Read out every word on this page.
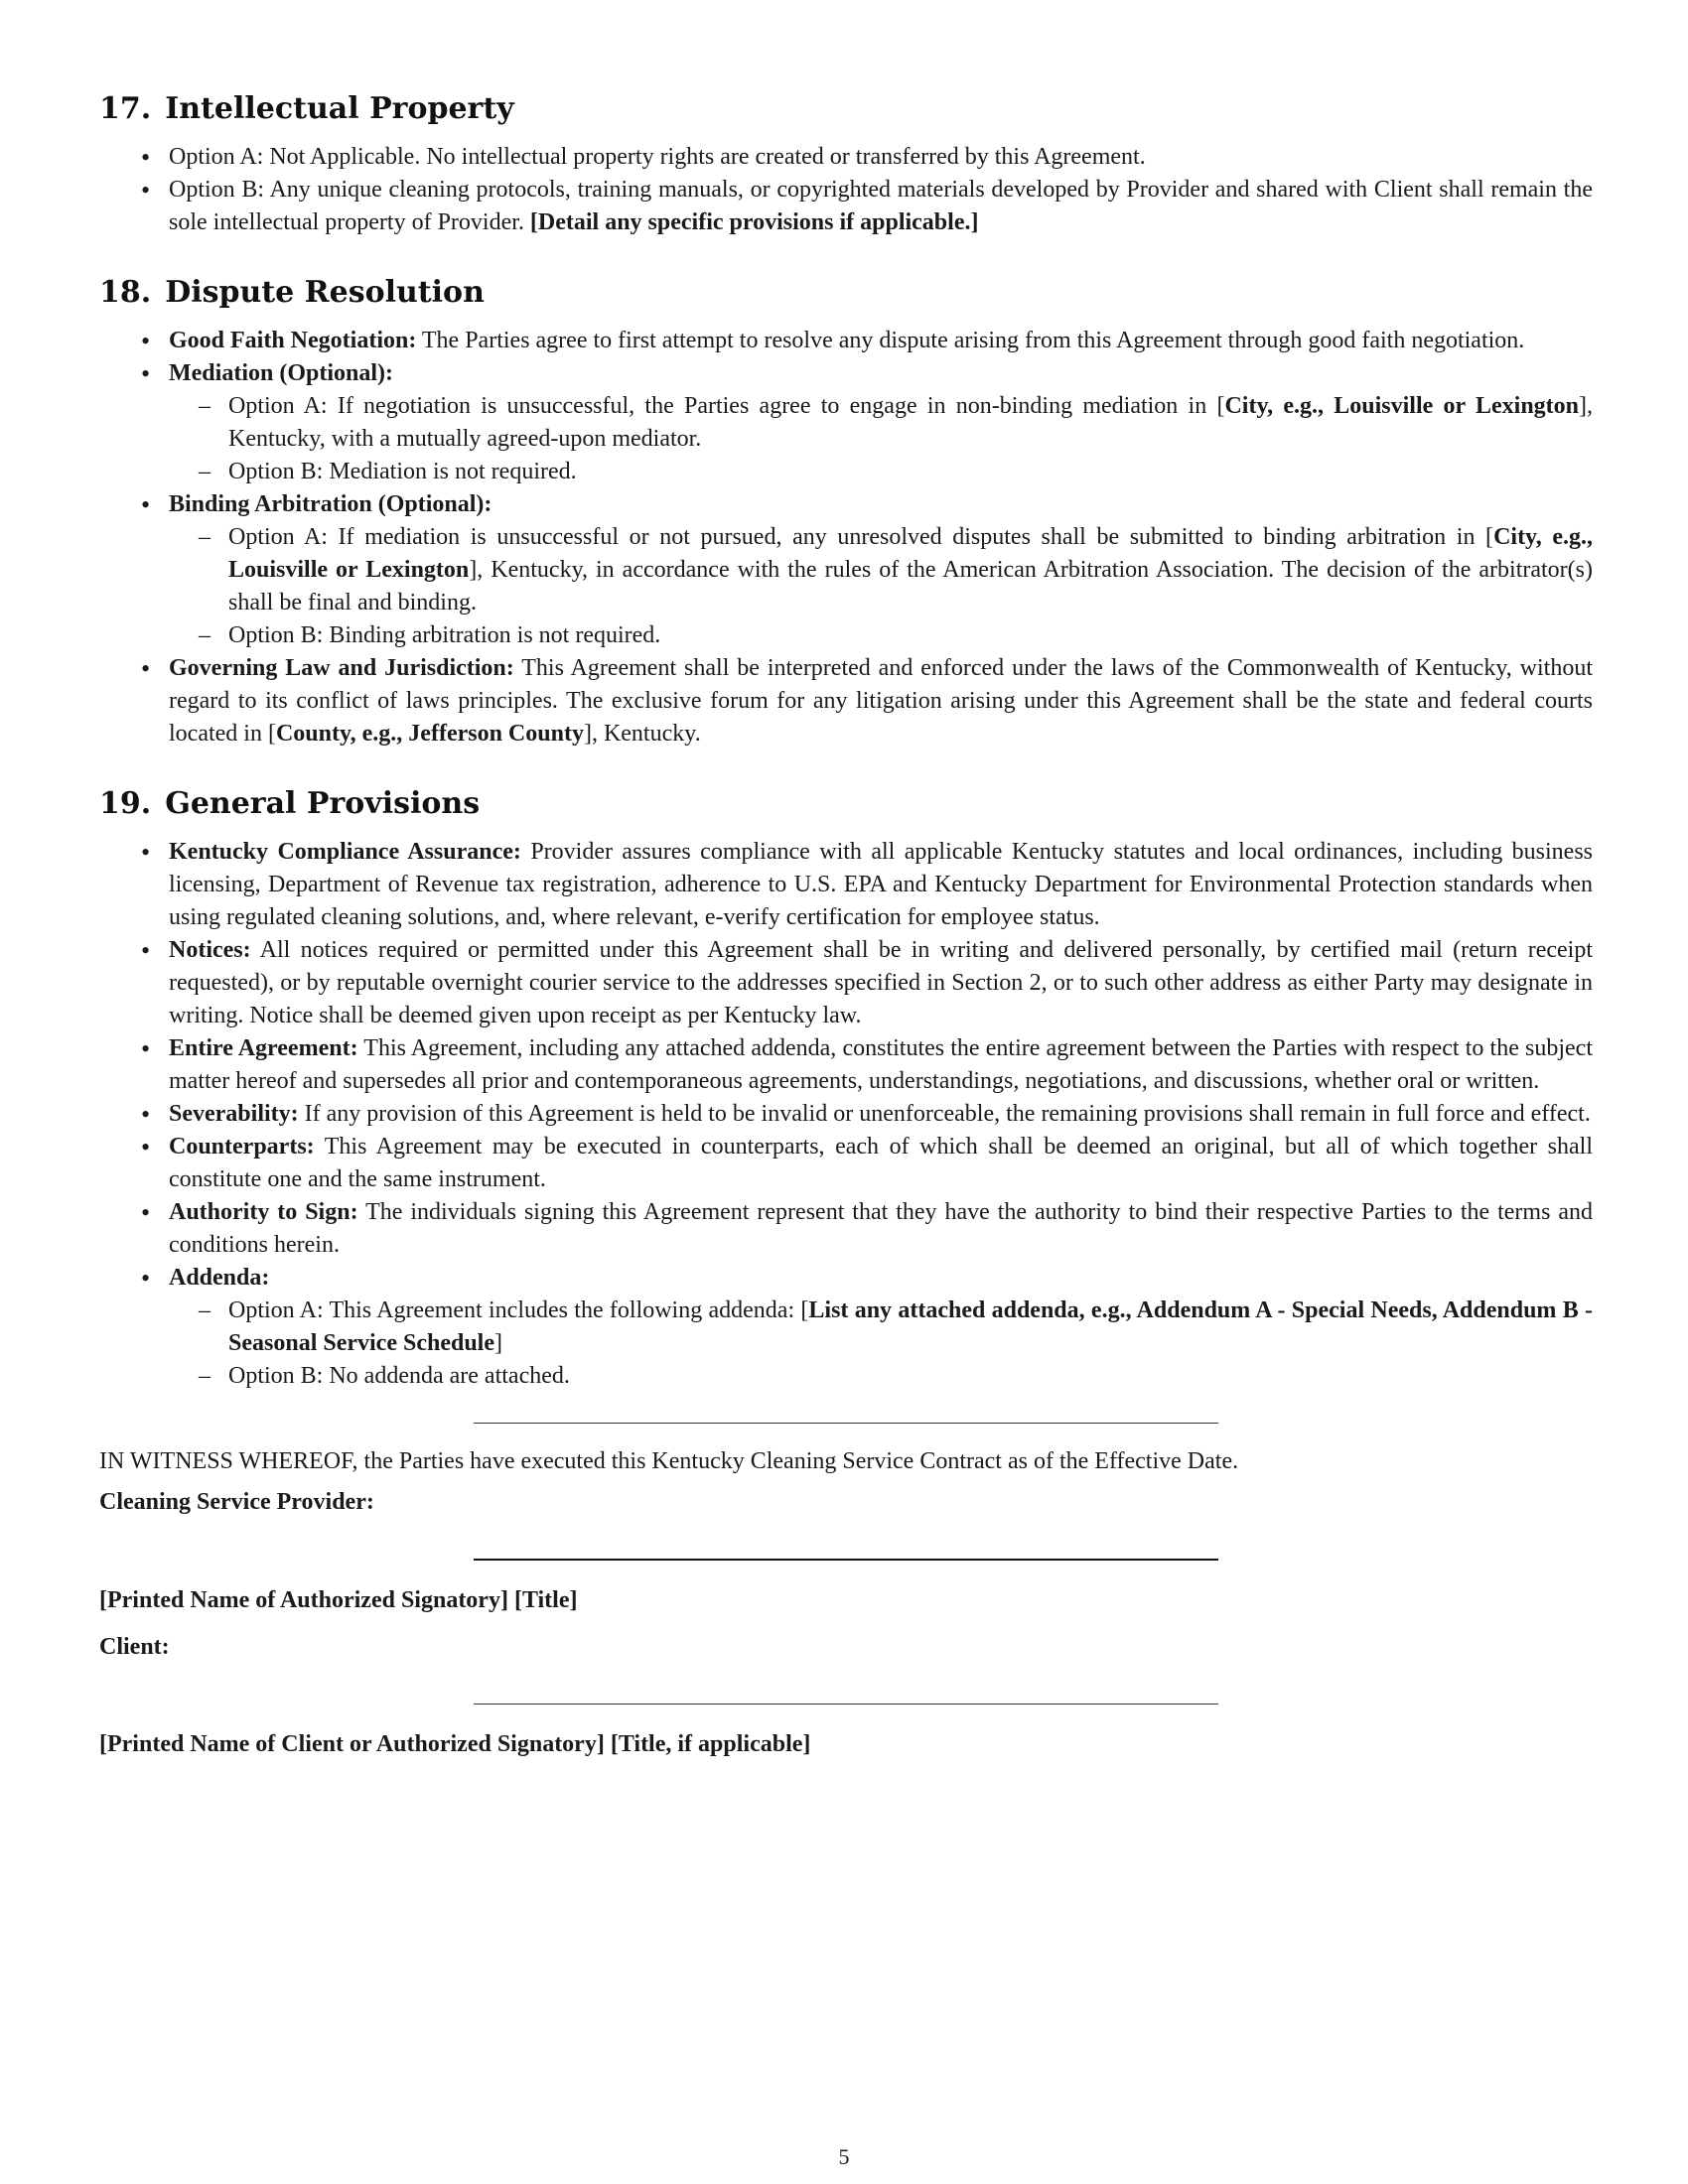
17. Intellectual Property
• Option A: Not Applicable. No intellectual property rights are created or transferred by this Agreement.
• Option B: Any unique cleaning protocols, training manuals, or copyrighted materials developed by Provider and shared with Client shall remain the sole intellectual property of Provider. [Detail any specific provisions if applicable.]
18. Dispute Resolution
• Good Faith Negotiation: The Parties agree to first attempt to resolve any dispute arising from this Agreement through good faith negotiation.
• Mediation (Optional):
– Option A: If negotiation is unsuccessful, the Parties agree to engage in non-binding mediation in [City, e.g., Louisville or Lexington], Kentucky, with a mutually agreed-upon mediator.
– Option B: Mediation is not required.
• Binding Arbitration (Optional):
– Option A: If mediation is unsuccessful or not pursued, any unresolved disputes shall be submitted to binding arbitration in [City, e.g., Louisville or Lexington], Kentucky, in accordance with the rules of the American Arbitration Association. The decision of the arbitrator(s) shall be final and binding.
– Option B: Binding arbitration is not required.
• Governing Law and Jurisdiction: This Agreement shall be interpreted and enforced under the laws of the Commonwealth of Kentucky, without regard to its conflict of laws principles. The exclusive forum for any litigation arising under this Agreement shall be the state and federal courts located in [County, e.g., Jefferson County], Kentucky.
19. General Provisions
• Kentucky Compliance Assurance: Provider assures compliance with all applicable Kentucky statutes and local ordinances, including business licensing, Department of Revenue tax registration, adherence to U.S. EPA and Kentucky Department for Environmental Protection standards when using regulated cleaning solutions, and, where relevant, e-verify certification for employee status.
• Notices: All notices required or permitted under this Agreement shall be in writing and delivered personally, by certified mail (return receipt requested), or by reputable overnight courier service to the addresses specified in Section 2, or to such other address as either Party may designate in writing. Notice shall be deemed given upon receipt as per Kentucky law.
• Entire Agreement: This Agreement, including any attached addenda, constitutes the entire agreement between the Parties with respect to the subject matter hereof and supersedes all prior and contemporaneous agreements, understandings, negotiations, and discussions, whether oral or written.
• Severability: If any provision of this Agreement is held to be invalid or unenforceable, the remaining provisions shall remain in full force and effect.
• Counterparts: This Agreement may be executed in counterparts, each of which shall be deemed an original, but all of which together shall constitute one and the same instrument.
• Authority to Sign: The individuals signing this Agreement represent that they have the authority to bind their respective Parties to the terms and conditions herein.
• Addenda:
– Option A: This Agreement includes the following addenda: [List any attached addenda, e.g., Addendum A - Special Needs, Addendum B - Seasonal Service Schedule]
– Option B: No addenda are attached.

IN WITNESS WHEREOF, the Parties have executed this Kentucky Cleaning Service Contract as of the Effective Date.

Cleaning Service Provider:

[Printed Name of Authorized Signatory] [Title]

Client:

[Printed Name of Client or Authorized Signatory] [Title, if applicable]

5
